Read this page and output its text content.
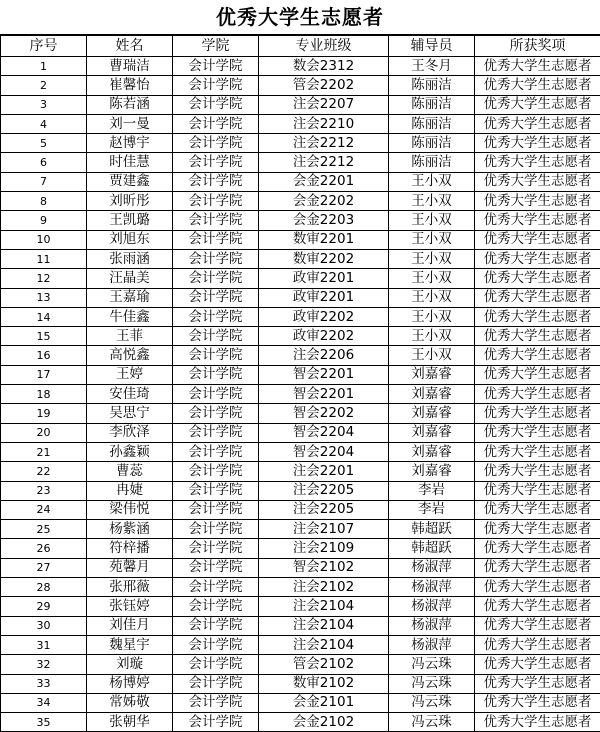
优秀大学生志愿者
序号	姓名	学院	专业班级	辅导员	所获奖项
1	曹瑞洁	会计学院	数会2312	王冬月	优秀大学生志愿者
2	崔馨怡	会计学院	管会2202	陈丽洁	优秀大学生志愿者
3	陈若涵	会计学院	注会2207	陈丽洁	优秀大学生志愿者
4	刘一曼	会计学院	注会2210	陈丽洁	优秀大学生志愿者
5	赵博宇	会计学院	注会2212	陈丽洁	优秀大学生志愿者
6	时佳慧	会计学院	注会2212	陈丽洁	优秀大学生志愿者
7	贾建鑫	会计学院	会金2201	王小双	优秀大学生志愿者
8	刘昕彤	会计学院	会金2202	王小双	优秀大学生志愿者
9	王凯璐	会计学院	会金2203	王小双	优秀大学生志愿者
10	刘旭东	会计学院	数审2201	王小双	优秀大学生志愿者
11	张雨涵	会计学院	数审2202	王小双	优秀大学生志愿者
12	汪晶美	会计学院	政审2201	王小双	优秀大学生志愿者
13	王嘉瑜	会计学院	政审2201	王小双	优秀大学生志愿者
14	牛佳鑫	会计学院	政审2202	王小双	优秀大学生志愿者
15	王菲	会计学院	政审2202	王小双	优秀大学生志愿者
16	高悦鑫	会计学院	注会2206	王小双	优秀大学生志愿者
17	王婷	会计学院	智会2201	刘嘉睿	优秀大学生志愿者
18	安佳琦	会计学院	智会2201	刘嘉睿	优秀大学生志愿者
19	吴思宁	会计学院	智会2202	刘嘉睿	优秀大学生志愿者
20	李欣泽	会计学院	智会2204	刘嘉睿	优秀大学生志愿者
21	孙鑫颖	会计学院	智会2204	刘嘉睿	优秀大学生志愿者
22	曹蕊	会计学院	注会2201	刘嘉睿	优秀大学生志愿者
23	冉婕	会计学院	注会2205	李岩	优秀大学生志愿者
24	梁伟悦	会计学院	注会2205	李岩	优秀大学生志愿者
25	杨紫涵	会计学院	注会2107	韩超跃	优秀大学生志愿者
26	符梓播	会计学院	注会2109	韩超跃	优秀大学生志愿者
27	苑馨月	会计学院	智会2102	杨淑萍	优秀大学生志愿者
28	张邢薇	会计学院	注会2102	杨淑萍	优秀大学生志愿者
29	张钰婷	会计学院	注会2104	杨淑萍	优秀大学生志愿者
30	刘佳月	会计学院	注会2104	杨淑萍	优秀大学生志愿者
31	魏星宇	会计学院	注会2104	杨淑萍	优秀大学生志愿者
32	刘璇	会计学院	管会2102	冯云珠	优秀大学生志愿者
33	杨博婷	会计学院	数审2102	冯云珠	优秀大学生志愿者
34	常姊敬	会计学院	会金2101	冯云珠	优秀大学生志愿者
35	张朝华	会计学院	会金2102	冯云珠	优秀大学生志愿者
